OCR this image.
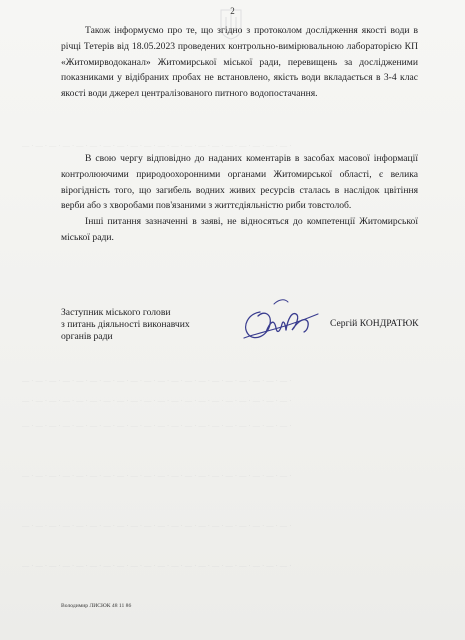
— · — · — · — · — · — · — · — · — · — · — · — · — · — · — · — · — · — · — · — ·
— · — · — · — · — · — · — · — · — · — · — · — · — · — · — · — · — · — · — · — ·
— · — · — · — · — · — · — · — · — · — · — · — · — · — · — · — · — · — · — · — ·
— · — · — · — · — · — · — · — · — · — · — · — · — · — · — · — · — · — · — · — ·
— · — · — · — · — · — · — · — · — · — · — · — · — · — · — · — · — · — · — · — ·
— · — · — · — · — · — · — · — · — · — · — · — · — · — · — · — · — · — · — · — ·
— · — · — · — · — · — · — · — · — · — · — · — · — · — · — · — · — · — · — · — ·
2

Також інформуємо про те, що згідно з протоколом дослідження якості води в річці Тетерів від 18.05.2023 проведених контрольно-вимірювальною лабораторією КП «Житомирводоканал» Житомирської міської ради, перевищень за дослідженими показниками у відібраних пробах не встановлено, якість води вкладається в 3-4 клас якості води джерел централізованого питного водопостачання.

В свою чергу відповідно до наданих коментарів в засобах масової інформації контролюючими природоохоронними органами Житомирської області, є велика вірогідність того, що загибель водних живих ресурсів сталась в наслідок цвітіння верби або з хворобами пов'язаними з життєдіяльністю риби товстолоб.

Інші питання зазначенні в заяві, не відносяться до компетенції Житомирської міської ради.

Заступник міського голови
з питань діяльності виконавчих
органів ради
Сергій КОНДРАТЮК
Володимир ЛИСЮК 48 11 86
